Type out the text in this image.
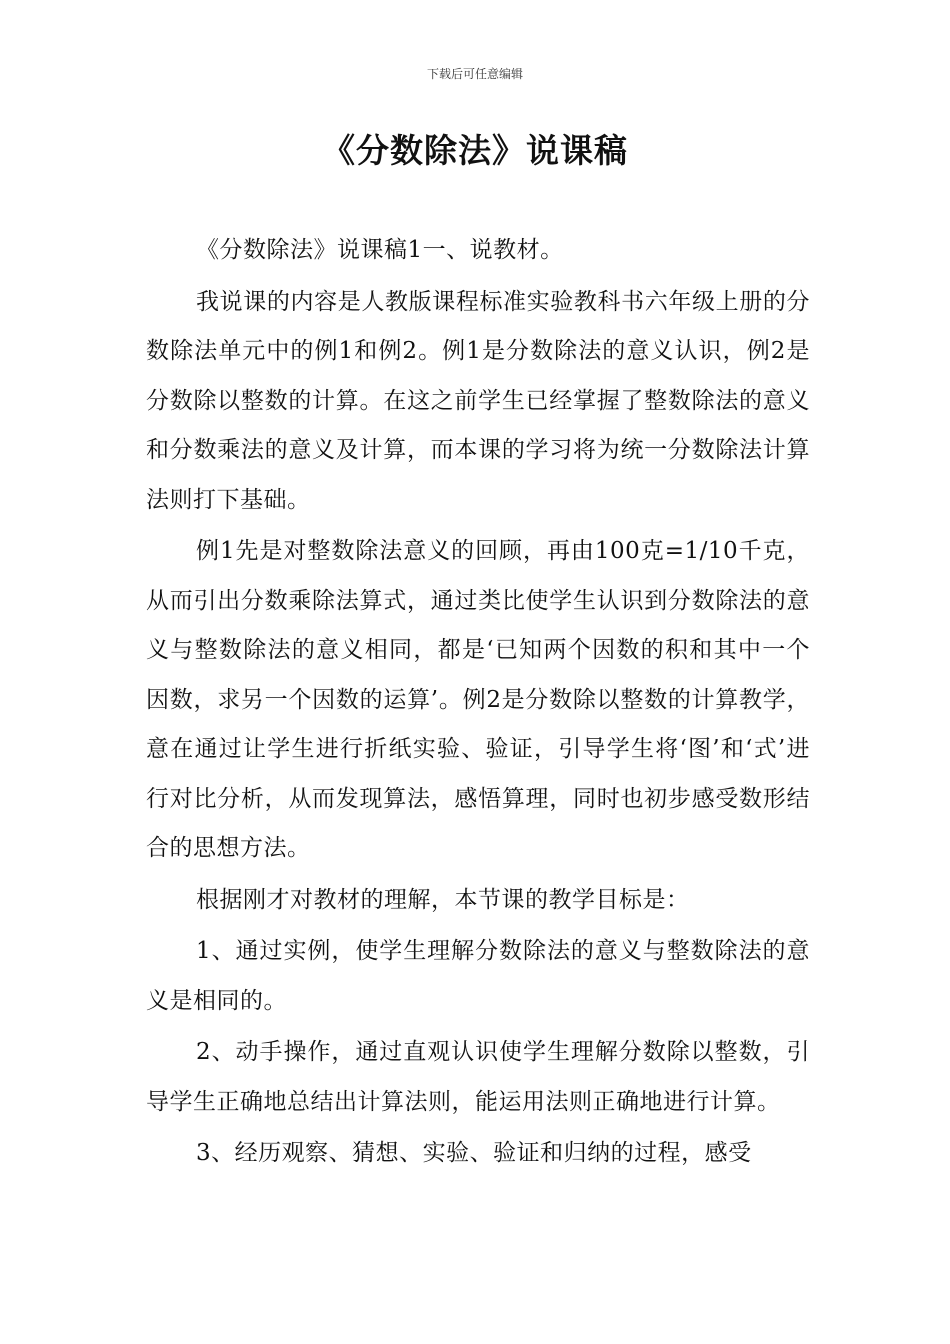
下载后可任意编辑
《分数除法》说课稿

《分数除法》说课稿1一、说教材。

我说课的内容是人教版课程标准实验教科书六年级上册的分数除法单元中的例1和例2。例1是分数除法的意义认识，例2是分数除以整数的计算。在这之前学生已经掌握了整数除法的意义和分数乘法的意义及计算，而本课的学习将为统一分数除法计算法则打下基础。

例1先是对整数除法意义的回顾，再由100克=1/10千克，从而引出分数乘除法算式，通过类比使学生认识到分数除法的意义与整数除法的意义相同，都是‘已知两个因数的积和其中一个因数，求另一个因数的运算’。例2是分数除以整数的计算教学，意在通过让学生进行折纸实验、验证，引导学生将‘图’和‘式’进行对比分析，从而发现算法，感悟算理，同时也初步感受数形结合的思想方法。

根据刚才对教材的理解，本节课的教学目标是：

1、通过实例，使学生理解分数除法的意义与整数除法的意义是相同的。

2、动手操作，通过直观认识使学生理解分数除以整数，引导学生正确地总结出计算法则，能运用法则正确地进行计算。

3、经历观察、猜想、实验、验证和归纳的过程，感受
